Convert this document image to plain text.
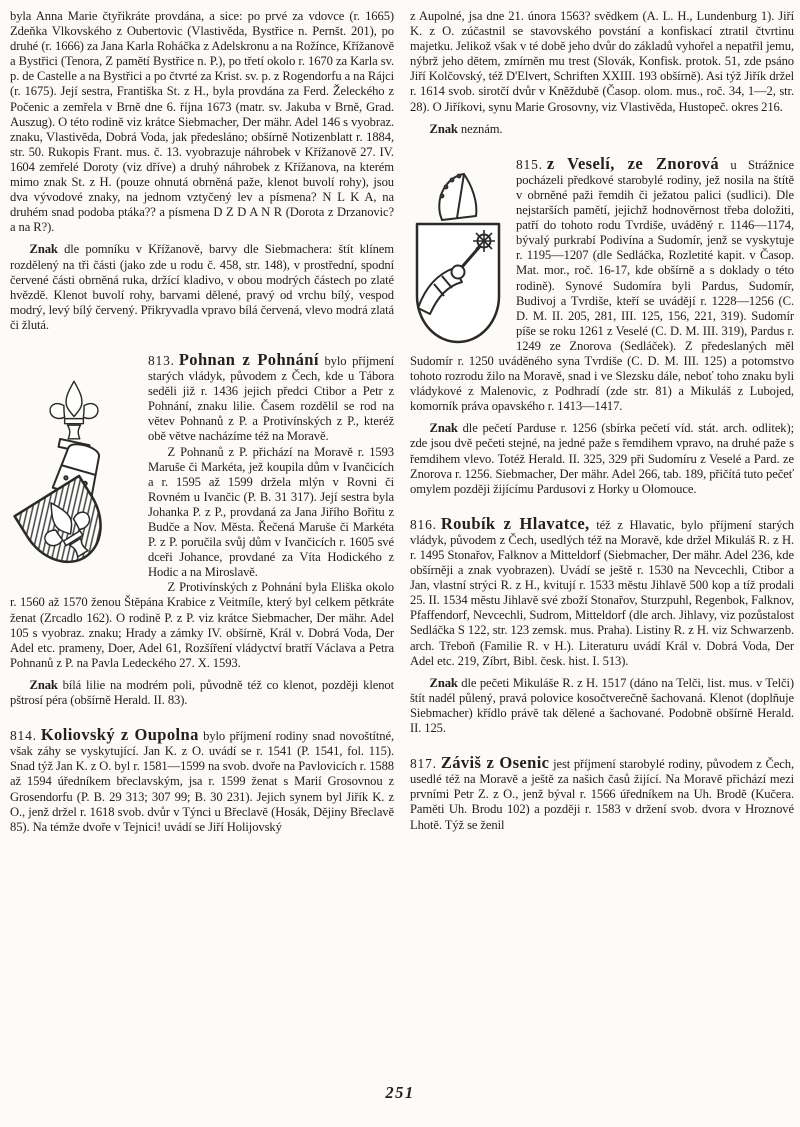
byla Anna Marie čtyřikráte provdána, a sice: po prvé za vdovce (r. 1665) Zdeňka Vlkovského z Oubertovic (Vlastivěda, Bystřice n. Pernšt. 201), po druhé (r. 1666) za Jana Karla Roháčka z Adelskronu a na Rožínce, Křížanově a Bystřici (Tenora, Z pamětí Bystřice n. P.), po třetí okolo r. 1670 za Karla sv. p. de Castelle a na Bystřici a po čtvrté za Krist. sv. p. z Rogendorfu a na Rájci (r. 1675). Její sestra, Františka St. z H., byla provdána za Ferd. Želeckého z Počenic a zemřela v Brně dne 6. října 1673 (matr. sv. Jakuba v Brně, Grad. Auszug). O této rodině viz krátce Siebmacher, Der mähr. Adel 146 s vyobraz. znaku, Vlastivěda, Dobrá Voda, jak předesláno; obšírně Notizenblatt r. 1884, str. 50. Rukopis Frant. mus. č. 13. vyobrazuje náhrobek v Křížanově 27. IV. 1604 zemřelé Doroty (viz dříve) a druhý náhrobek z Křížanova, na kterém mimo znak St. z H. (pouze ohnutá obrněná paže, klenot buvolí rohy), jsou dva vývodové znaky, na jednom vztyčený lev a písmena? N L K A, na druhém snad podoba ptáka?? a písmena D Z D A N R (Dorota z Drzanovic? a na R?).

Znak dle pomníku v Křížanově, barvy dle Siebmachera: štít klínem rozdělený na tři části (jako zde u rodu č. 458, str. 148), v prostřední, spodní červené části obrněná ruka, držící kladivo, v obou modrých částech po zlaté hvězdě. Klenot buvolí rohy, barvami dělené, pravý od vrchu bílý, vespod modrý, levý bílý červený. Přikryvadla vpravo bílá červená, vlevo modrá zlatá či žlutá.

813. Pohnan z Pohnání bylo příjmení starých vládyk, původem z Čech, kde u Tábora seděli již r. 1436 jejich předci Ctibor a Petr z Pohnání, znaku lilie. Časem rozdělil se rod na větev Pohnanů z P. a Protivínských z P., kteréž obě větve nacházíme též na Moravě.

Z Pohnanů z P. přichází na Moravě r. 1593 Maruše či Markéta, jež koupila dům v Ivančicích a r. 1595 až 1599 držela mlýn v Rovni či Rovném u Ivančic (P. B. 31 317). Její sestra byla Johanka P. z P., provdaná za Jana Jiřího Bořitu z Budče a Nov. Města. Řečená Maruše či Markéta P. z P. poručila svůj dům v Ivančicích r. 1605 své dceři Johance, provdané za Víta Hodického z Hodic a na Miroslavě.

Z Protivínských z Pohnání byla Eliška okolo r. 1560 až 1570 ženou Štěpána Krabice z Veitmíle, který byl celkem pětkráte ženat (Zrcadlo 162). O rodině P. z P. viz krátce Siebmacher, Der mähr. Adel 105 s vyobraz. znaku; Hrady a zámky IV. obšírně, Král v. Dobrá Voda, Der Adel etc. prameny, Doer, Adel 61, Rozšíření vládyctví bratří Václava a Petra Pohnanů z P. na Pavla Ledeckého 27. X. 1593.

Znak bílá lilie na modrém poli, původně též co klenot, později klenot pštrosí péra (obšírně Herald. II. 83).

814. Koliovský z Oupolna bylo příjmení rodiny snad novoštítné, však záhy se vyskytující. Jan K. z O. uvádí se r. 1541 (P. 1541, fol. 115). Snad týž Jan K. z O. byl r. 1581—1599 na svob. dvoře na Pavlovicích r. 1588 až 1594 úředníkem břeclavským, jsa r. 1599 ženat s Marií Grosovnou z Grosendorfu (P. B. 29 313; 307 99; B. 30 231). Jejich synem byl Jiřík K. z O., jenž držel r. 1618 svob. dvůr v Týnci u Břeclavě (Hosák, Dějiny Břeclavě 85). Na témže dvoře v Tejnici! uvádí se Jiří Holijovský

z Aupolné, jsa dne 21. února 1563? svědkem (A. L. H., Lundenburg 1). Jiří K. z O. zúčastnil se stavovského povstání a konfiskací ztratil čtvrtinu majetku. Jelikož však v té době jeho dvůr do základů vyhořel a nepatřil jemu, nýbrž jeho dětem, zmírněn mu trest (Slovák, Konfisk. protok. 51, zde psáno Jiří Kolčovský, též D'Elvert, Schriften XXIII. 193 obšírně). Asi týž Jiřík držel r. 1614 svob. sirotčí dvůr v Kněždubě (Časop. olom. mus., roč. 34, 1—2, str. 28). O Jiříkovi, synu Marie Grosovny, viz Vlastivěda, Hustopeč. okres 216.

Znak neznám.

815. z Veselí, ze Znorová u Strážnice pocházeli předkové starobylé rodiny, jež nosila na štítě v obrněné paži řemdih či ježatou palici (sudlici). Dle nejstarších pamětí, jejichž hodnověrnost třeba doložiti, patří do tohoto rodu Tvrdiše, uváděný r. 1146—1174, bývalý purkrabí Podivína a Sudomír, jenž se vyskytuje r. 1195—1207 (dle Sedláčka, Rozletité kapit. v Časop. Mat. mor., roč. 16-17, kde obšírně a s doklady o této rodině). Synové Sudomíra byli Pardus, Sudomír, Budivoj a Tvrdiše, kteří se uvádějí r. 1228—1256 (C. D. M. II. 205, 281, III. 125, 156, 221, 319). Sudomír píše se roku 1261 z Veselé (C. D. M. III. 319), Pardus r. 1249 ze Znorova (Sedláček). Z předeslaných měl Sudomír r. 1250 uváděného syna Tvrdiše (C. D. M. III. 125) a potomstvo tohoto rozrodu žilo na Moravě, snad i ve Slezsku dále, neboť toho znaku byli vládykové z Malenovic, z Podhradí (zde str. 81) a Mikuláš z Lubojed, komorník práva opavského r. 1413—1417.

Znak dle pečetí Parduse r. 1256 (sbírka pečetí víd. stát. arch. odlitek); zde jsou dvě pečeti stejné, na jedné paže s řemdihem vpravo, na druhé paže s řemdihem vlevo. Totéž Herald. II. 325, 329 při Sudomíru z Veselé a Pard. ze Znorova r. 1256. Siebmacher, Der mähr. Adel 266, tab. 189, přičítá tuto pečeť omylem později žijícímu Pardusovi z Horky u Olomouce.

816. Roubík z Hlavatce, též z Hlavatic, bylo příjmení starých vládyk, původem z Čech, usedlých též na Moravě, kde držel Mikuláš R. z H. r. 1495 Stonařov, Falknov a Mitteldorf (Siebmacher, Der mähr. Adel 236, kde obšírněji a znak vyobrazen). Uvádí se ještě r. 1530 na Nevcechli, Ctibor a Jan, vlastní strýci R. z H., kvitují r. 1533 městu Jihlavě 500 kop a tíž prodali 25. II. 1534 městu Jihlavě své zboží Stonařov, Sturzpuhl, Regenbok, Falknov, Pfaffendorf, Nevcechli, Sudrom, Mitteldorf (dle arch. Jihlavy, viz pozůstalost Sedláčka S 122, str. 123 zemsk. mus. Praha). Listiny R. z H. viz Schwarzenb. arch. Třeboň (Familie R. v H.). Literaturu uvádí Král v. Dobrá Voda, Der Adel etc. 219, Zíbrt, Bibl. česk. hist. I. 513).

Znak dle pečeti Mikuláše R. z H. 1517 (dáno na Telči, list. mus. v Telči) štít nadél půlený, pravá polovice kosočtverečně šachovaná. Klenot (doplňuje Siebmacher) křídlo právě tak dělené a šachované. Podobně obšírně Herald. II. 125.

817. Záviš z Osenic jest příjmení starobylé rodiny, původem z Čech, usedlé též na Moravě a ještě za našich časů žijící. Na Moravě přichází mezi prvními Petr Z. z O., jenž býval r. 1566 úředníkem na Uh. Brodě (Kučera. Paměti Uh. Brodu 102) a později r. 1583 v držení svob. dvora v Hroznové Lhotě. Týž se ženil

251
